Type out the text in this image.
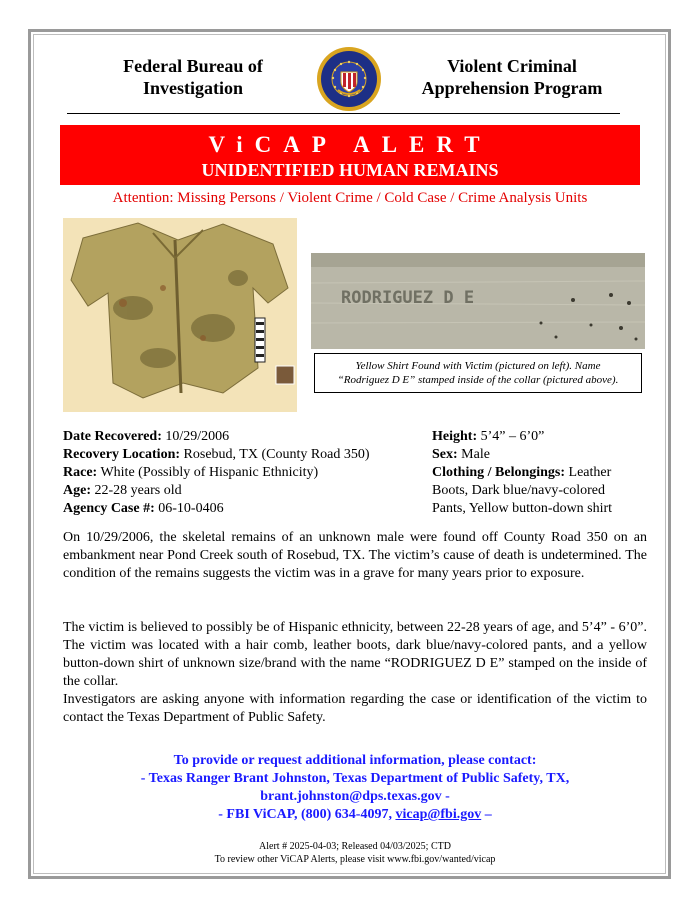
Federal Bureau of
Investigation
Violent Criminal
Apprehension Program
ViCAP ALERT
UNIDENTIFIED HUMAN REMAINS
Attention: Missing Persons / Violent Crime / Cold Case / Crime Analysis Units
RODRIGUEZ D E
Yellow Shirt Found with Victim (pictured on left). Name
“Rodriguez D E” stamped inside of the collar (pictured above).
Date Recovered: 10/29/2006
Recovery Location: Rosebud, TX (County Road 350)
Race: White (Possibly of Hispanic Ethnicity)
Age: 22-28 years old
Agency Case #: 06-10-0406
Height: 5’4” – 6’0”
Sex: Male
Clothing / Belongings: Leather
Boots, Dark blue/navy-colored
Pants, Yellow button-down shirt
On 10/29/2006, the skeletal remains of an unknown male were found off County Road 350 on an embankment near Pond Creek south of Rosebud, TX. The victim’s cause of death is undetermined. The condition of the remains suggests the victim was in a grave for many years prior to exposure.
The victim is believed to possibly be of Hispanic ethnicity, between 22-28 years of age, and 5’4” - 6’0”. The victim was located with a hair comb, leather boots, dark blue/navy-colored pants, and a yellow button-down shirt of unknown size/brand with the name “RODRIGUEZ D E” stamped on the inside of the collar.
Investigators are asking anyone with information regarding the case or identification of the victim to contact the Texas Department of Public Safety.
To provide or request additional information, please contact:
- Texas Ranger Brant Johnston, Texas Department of Public Safety, TX,
brant.johnston@dps.texas.gov -
- FBI ViCAP, (800) 634-4097, vicap@fbi.gov –
Alert # 2025-04-03; Released 04/03/2025; CTD
To review other ViCAP Alerts, please visit www.fbi.gov/wanted/vicap
